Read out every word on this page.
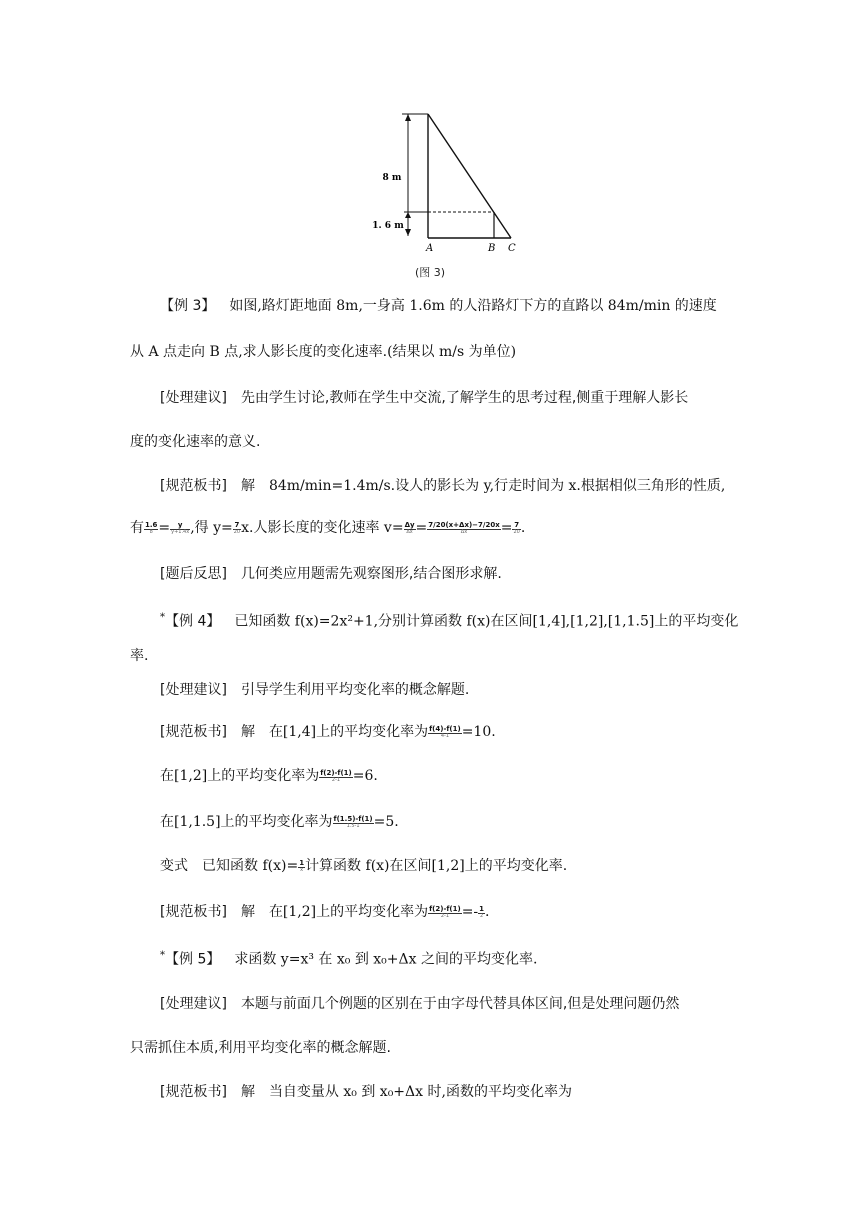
8 m
1. 6 m
A	B C
(图 3)
【例 3】 如图,路灯距地面 8m,一身高 1.6m 的人沿路灯下方的直路以 84m/min 的速度
从 A 点走向 B 点,求人影长度的变化速率.(结果以 m/s 为单位)
[处理建议] 先由学生讨论,教师在学生中交流,了解学生的思考过程,侧重于理解人影长
度的变化速率的意义.
[规范板书] 解 84m/min=1.4m/s.设人的影长为 y,行走时间为 x.根据相似三角形的性质,
有 $\frac{1.6}{8} = \frac{y}{y+1.4x}$ ,得 $y= \frac{7}{20} x$.人影长度的变化速率 $v= \frac{\Delta y}{\Delta x} = \frac{7/20(x+\Delta x)-7/20x}{\Delta x} = \frac{7}{20}$ .
[题后反思] 几何类应用题需先观察图形,结合图形求解.
*【例 4】 已知函数 f(x)=2x²+1,分别计算函数 f(x)在区间[1,4],[1,2],[1,1.5]上的平均变化
率.
[处理建议] 引导学生利用平均变化率的概念解题.
[规范板书] 解 在[1,4]上的平均变化率为 $\frac{f(4)-f(1)}{4-1} =10$.
在[1,2]上的平均变化率为 $\frac{f(2)-f(1)}{2-1} =6$.
在[1,1.5]上的平均变化率为 $\frac{f(1.5)-f(1)}{1.5-1} =5$.
变式 已知函数 $f(x)= \frac{1}{x}$ 计算函数 f(x)在区间[1,2]上的平均变化率.
[规范板书] 解 在[1,2]上的平均变化率为 $\frac{f(2)-f(1)}{2-1} =- \frac{1}{2}$ .
*【例 5】 求函数 y=x³ 在 x₀ 到 x₀+Δx 之间的平均变化率.
[处理建议] 本题与前面几个例题的区别在于由字母代替具体区间,但是处理问题仍然
只需抓住本质,利用平均变化率的概念解题.
[规范板书] 解 当自变量从 x₀ 到 x₀+Δx 时,函数的平均变化率为
